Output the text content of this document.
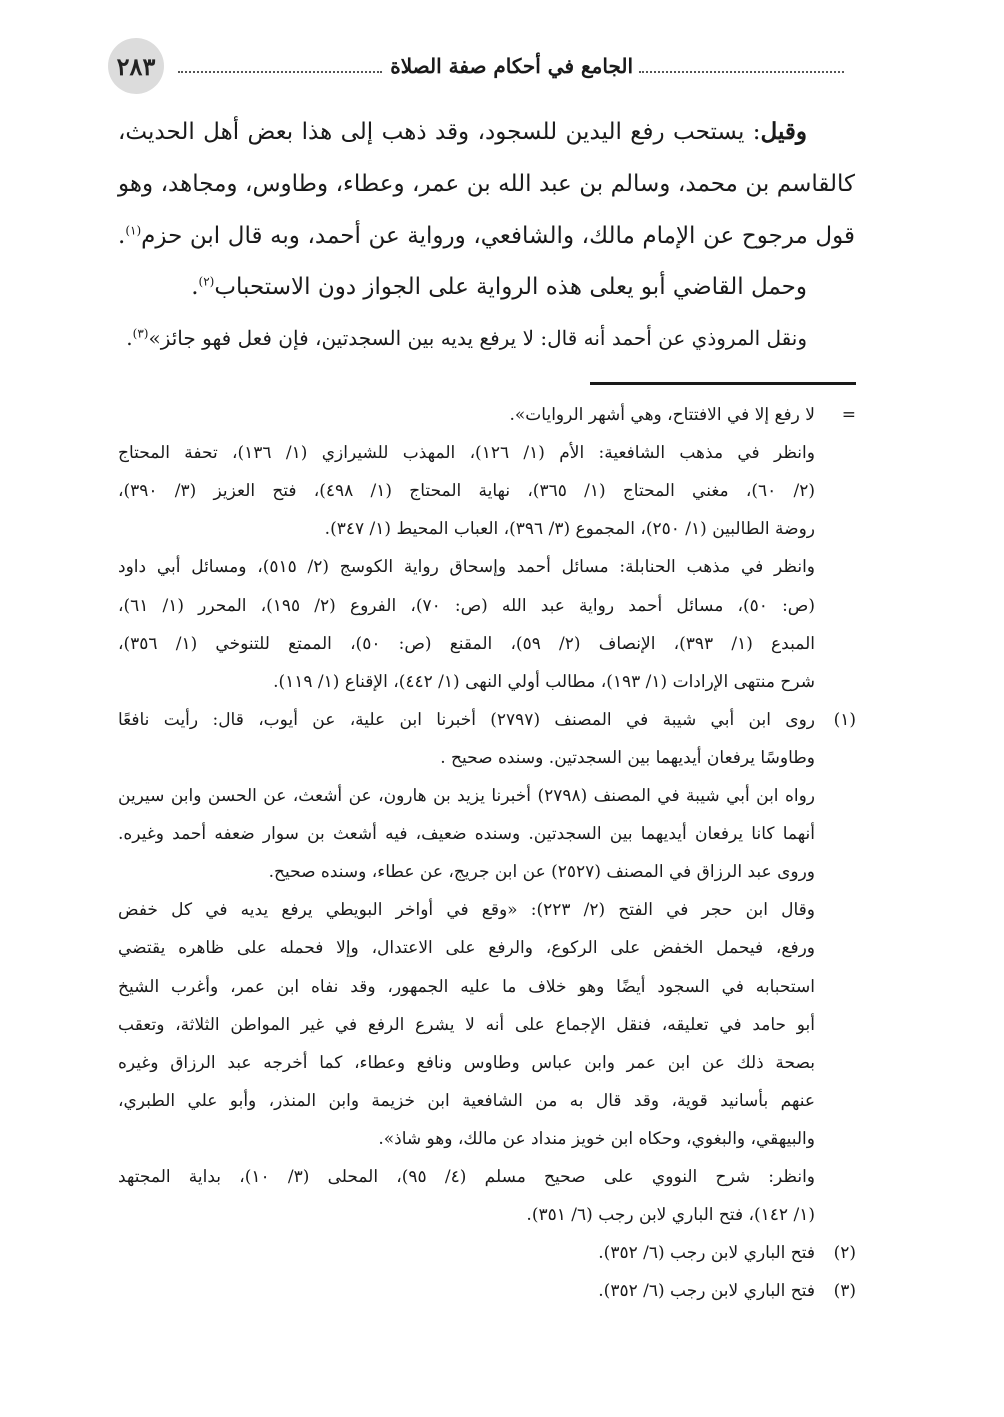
٢٨٣	الجامع في أحكام صفة الصلاة
وقيل: يستحب رفع اليدين للسجود، وقد ذهب إلى هذا بعض أهل الحديث،
كالقاسم بن محمد، وسالم بن عبد الله بن عمر، وعطاء، وطاوس، ومجاهد، وهو
قول مرجوح عن الإمام مالك، والشافعي، ورواية عن أحمد، وبه قال ابن حزم$^{(١)}$.
وحمل القاضي أبو يعلى هذه الرواية على الجواز دون الاستحباب$^{(٢)}$.
ونقل المروذي عن أحمد أنه قال: لا يرفع يديه بين السجدتين، فإن فعل فهو جائز»$^{(٣)}$.
=
لا رفع إلا في الافتتاح، وهي أشهر الروايات».
وانظر في مذهب الشافعية: الأم (١/ ١٢٦)، المهذب للشيرازي (١/ ١٣٦)، تحفة المحتاج
(٢/ ٦٠)، مغني المحتاج (١/ ٣٦٥)، نهاية المحتاج (١/ ٤٩٨)، فتح العزيز (٣/ ٣٩٠)،
روضة الطالبين (١/ ٢٥٠)، المجموع (٣/ ٣٩٦)، العباب المحيط (١/ ٣٤٧).
وانظر في مذهب الحنابلة: مسائل أحمد وإسحاق رواية الكوسج (٢/ ٥١٥)، ومسائل أبي داود
(ص: ٥٠)، مسائل أحمد رواية عبد الله (ص: ٧٠)، الفروع (٢/ ١٩٥)، المحرر (١/ ٦١)،
المبدع (١/ ٣٩٣)، الإنصاف (٢/ ٥٩)، المقنع (ص: ٥٠)، الممتع للتنوخي (١/ ٣٥٦)،
شرح منتهى الإرادات (١/ ١٩٣)، مطالب أولي النهى (١/ ٤٤٢)، الإقناع (١/ ١١٩).
(١)
روى ابن أبي شيبة في المصنف (٢٧٩٧) أخبرنا ابن علية، عن أيوب، قال: رأيت نافعًا
وطاوسًا يرفعان أيديهما بين السجدتين. وسنده صحيح .
رواه ابن أبي شيبة في المصنف (٢٧٩٨) أخبرنا يزيد بن هارون، عن أشعث، عن الحسن وابن سيرين
أنهما كانا يرفعان أيديهما بين السجدتين. وسنده ضعيف، فيه أشعث بن سوار ضعفه أحمد وغيره.
وروى عبد الرزاق في المصنف (٢٥٢٧) عن ابن جريج، عن عطاء، وسنده صحيح.
وقال ابن حجر في الفتح (٢/ ٢٢٣): «وقع في أواخر البويطي يرفع يديه في كل خفض
ورفع، فيحمل الخفض على الركوع، والرفع على الاعتدال، وإلا فحمله على ظاهره يقتضي
استحبابه في السجود أيضًا وهو خلاف ما عليه الجمهور، وقد نفاه ابن عمر، وأغرب الشيخ
أبو حامد في تعليقه، فنقل الإجماع على أنه لا يشرع الرفع في غير المواطن الثلاثة، وتعقب
بصحة ذلك عن ابن عمر وابن عباس وطاوس ونافع وعطاء، كما أخرجه عبد الرزاق وغيره
عنهم بأسانيد قوية، وقد قال به من الشافعية ابن خزيمة وابن المنذر، وأبو علي الطبري،
والبيهقي، والبغوي، وحكاه ابن خويز منداد عن مالك، وهو شاذ».
وانظر: شرح النووي على صحيح مسلم (٤/ ٩٥)، المحلى (٣/ ١٠)، بداية المجتهد
(١/ ١٤٢)، فتح الباري لابن رجب (٦/ ٣٥١).
(٢)
فتح الباري لابن رجب (٦/ ٣٥٢).
(٣)
فتح الباري لابن رجب (٦/ ٣٥٢).
